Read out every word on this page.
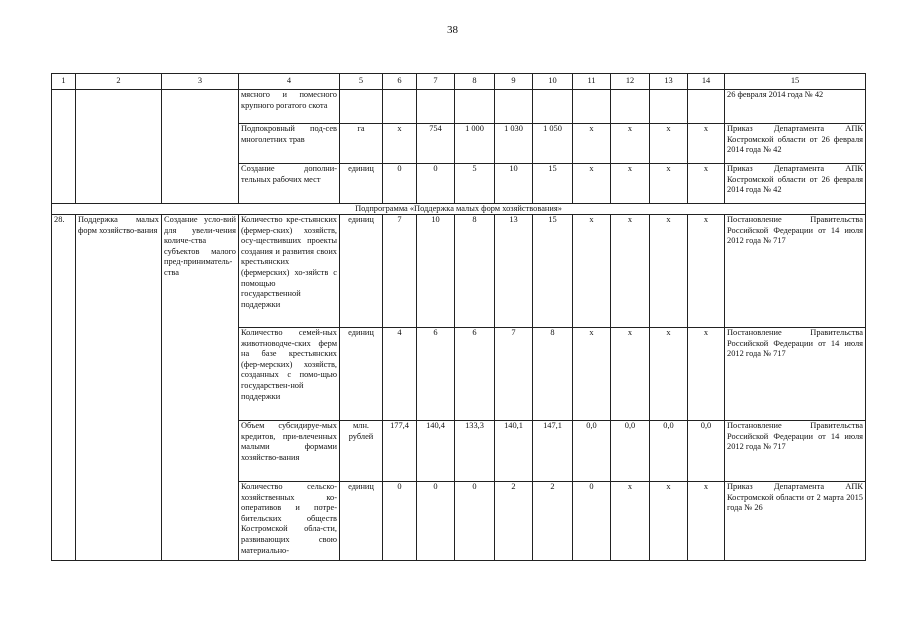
38
1	2	3	4	5	6	7	8	9	10	11	12	13	14	15
			мясного и помесного крупного рогатого скота											26 февраля 2014 года № 42
			Подпокровный под-сев многолетних трав	га	х	754	1 000	1 030	1 050	х	х	х	х	Приказ Департамента АПК Костромской области от 26 февраля 2014 года № 42
			Создание дополни-тельных рабочих мест	единиц	0	0	5	10	15	х	х	х	х	Приказ Департамента АПК Костромской области от 26 февраля 2014 года № 42
Подпрограмма «Поддержка малых форм хозяйствования»														
28.	Поддержка малых форм хозяйство-вания	Создание усло-вий для увели-чения количе-ства субъектов малого пред-приниматель-ства	Количество кре-стьянских (фермер-ских) хозяйств, осу-ществивших проекты создания и развития своих крестьянских (фермерских) хо-зяйств с помощью государственной поддержки	единиц	7	10	8	13	15	х	х	х	х	Постановление Правительства Российской Федерации от 14 июля 2012 года № 717
			Количество семей-ных животноводче-ских ферм на базе крестьянских (фер-мерских) хозяйств, созданных с помо-щью государствен-ной поддержки	единиц	4	6	6	7	8	х	х	х	х	Постановление Правительства Российской Федерации от 14 июля 2012 года № 717
			Объем субсидируе-мых кредитов, при-влеченных малыми формами хозяйство-вания	млн. рублей	177,4	140,4	133,3	140,1	147,1	0,0	0,0	0,0	0,0	Постановление Правительства Российской Федерации от 14 июля 2012 года № 717
			Количество сельско-хозяйственных ко-оперативов и потре-бительских обществ Костромской обла-сти, развивающих свою материально-	единиц	0	0	0	2	2	0	х	х	х	Приказ Департамента АПК Костромской области от 2 марта 2015 года № 26
